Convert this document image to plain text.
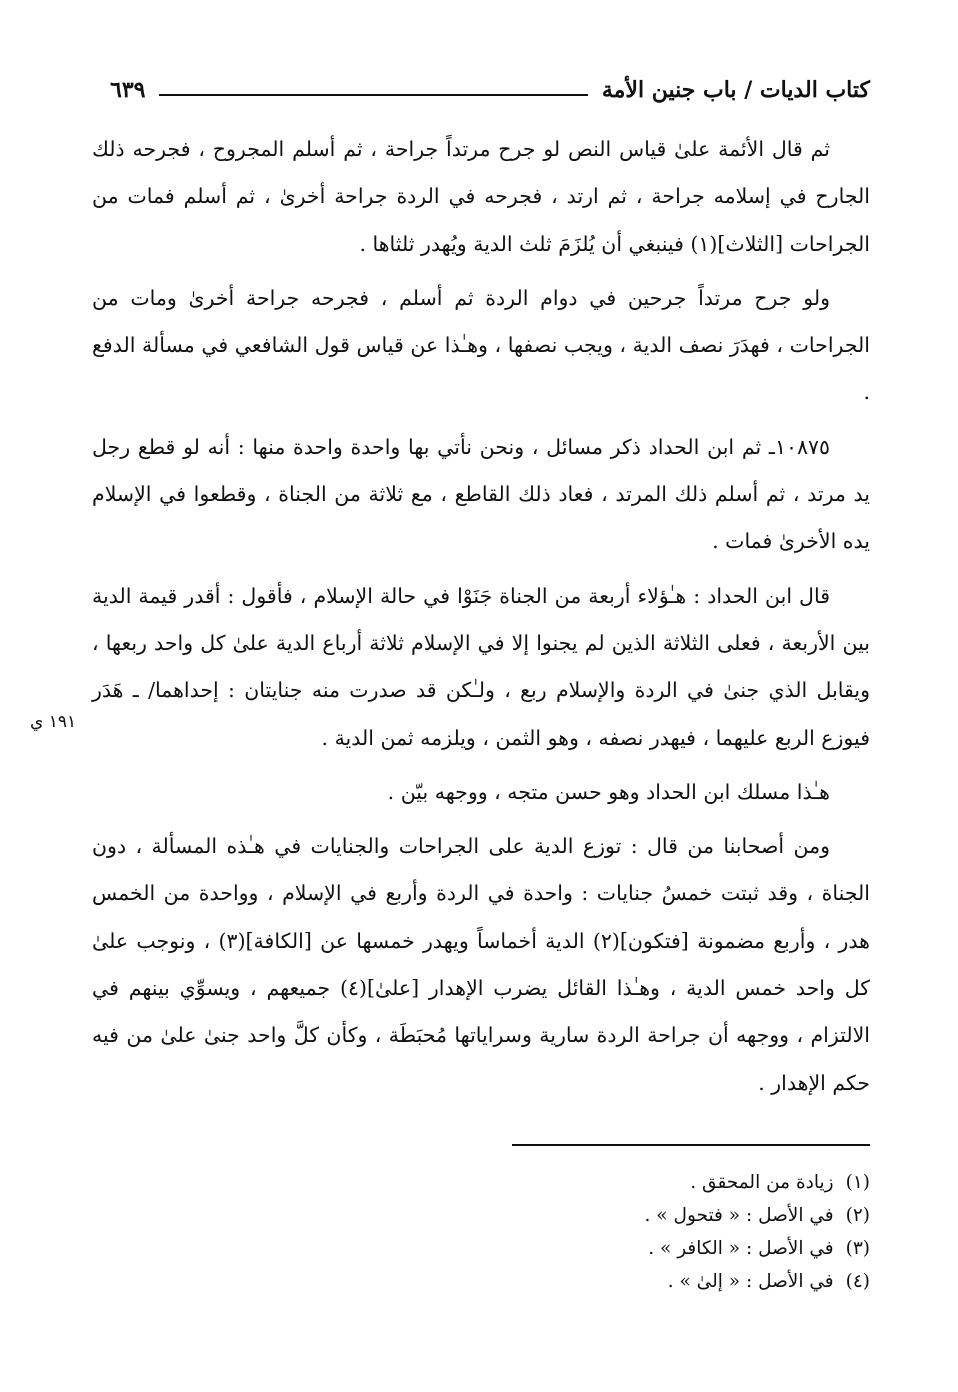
كتاب الديات / باب جنين الأمة
٦٣٩
١٩١ ي

ثم قال الأئمة علىٰ قياس النص لو جرح مرتداً جراحة ، ثم أسلم المجروح ، فجرحه ذلك الجارح في إسلامه جراحة ، ثم ارتد ، فجرحه في الردة جراحة أخرىٰ ، ثم أسلم فمات من الجراحات [الثلاث](١) فينبغي أن يُلزَمَ ثلث الدية ويُهدر ثلثاها .

ولو جرح مرتداً جرحين في دوام الردة ثم أسلم ، فجرحه جراحة أخرىٰ ومات من الجراحات ، فهدَرَ نصف الدية ، ويجب نصفها ، وهـٰذا عن قياس قول الشافعي في مسألة الدفع .

١٠٨٧٥ـ ثم ابن الحداد ذكر مسائل ، ونحن نأتي بها واحدة واحدة منها : أنه لو قطع رجل يد مرتد ، ثم أسلم ذلك المرتد ، فعاد ذلك القاطع ، مع ثلاثة من الجناة ، وقطعوا في الإسلام يده الأخرىٰ فمات .

قال ابن الحداد : هـٰؤلاء أربعة من الجناة جَنَوْا في حالة الإسلام ، فأقول : أقدر قيمة الدية بين الأربعة ، فعلى الثلاثة الذين لم يجنوا إلا في الإسلام ثلاثة أرباع الدية علىٰ كل واحد ربعها ، ويقابل الذي جنىٰ في الردة والإسلام ربع ، ولـٰكن قد صدرت منه جنايتان : إحداهما/ ـ هَدَر فيوزع الربع عليهما ، فيهدر نصفه ، وهو الثمن ، ويلزمه ثمن الدية .

هـٰذا مسلك ابن الحداد وهو حسن متجه ، ووجهه بيّن .

ومن أصحابنا من قال : توزع الدية على الجراحات والجنايات في هـٰذه المسألة ، دون الجناة ، وقد ثبتت خمسُ جنايات : واحدة في الردة وأربع في الإسلام ، وواحدة من الخمس هدر ، وأربع مضمونة [فتكون](٢) الدية أخماساً ويهدر خمسها عن [الكافة](٣) ، ونوجب علىٰ كل واحد خمس الدية ، وهـٰذا القائل يضرب الإهدار [علىٰ](٤) جميعهم ، ويسوِّي بينهم في الالتزام ، ووجهه أن جراحة الردة سارية وسراياتها مُحبَطَة ، وكأن كلَّ واحد جنىٰ علىٰ من فيه حكم الإهدار .

(١)
زيادة من المحقق .
(٢)
في الأصل : « فتحول » .
(٣)
في الأصل : « الكافر » .
(٤)
في الأصل : « إلىٰ » .
